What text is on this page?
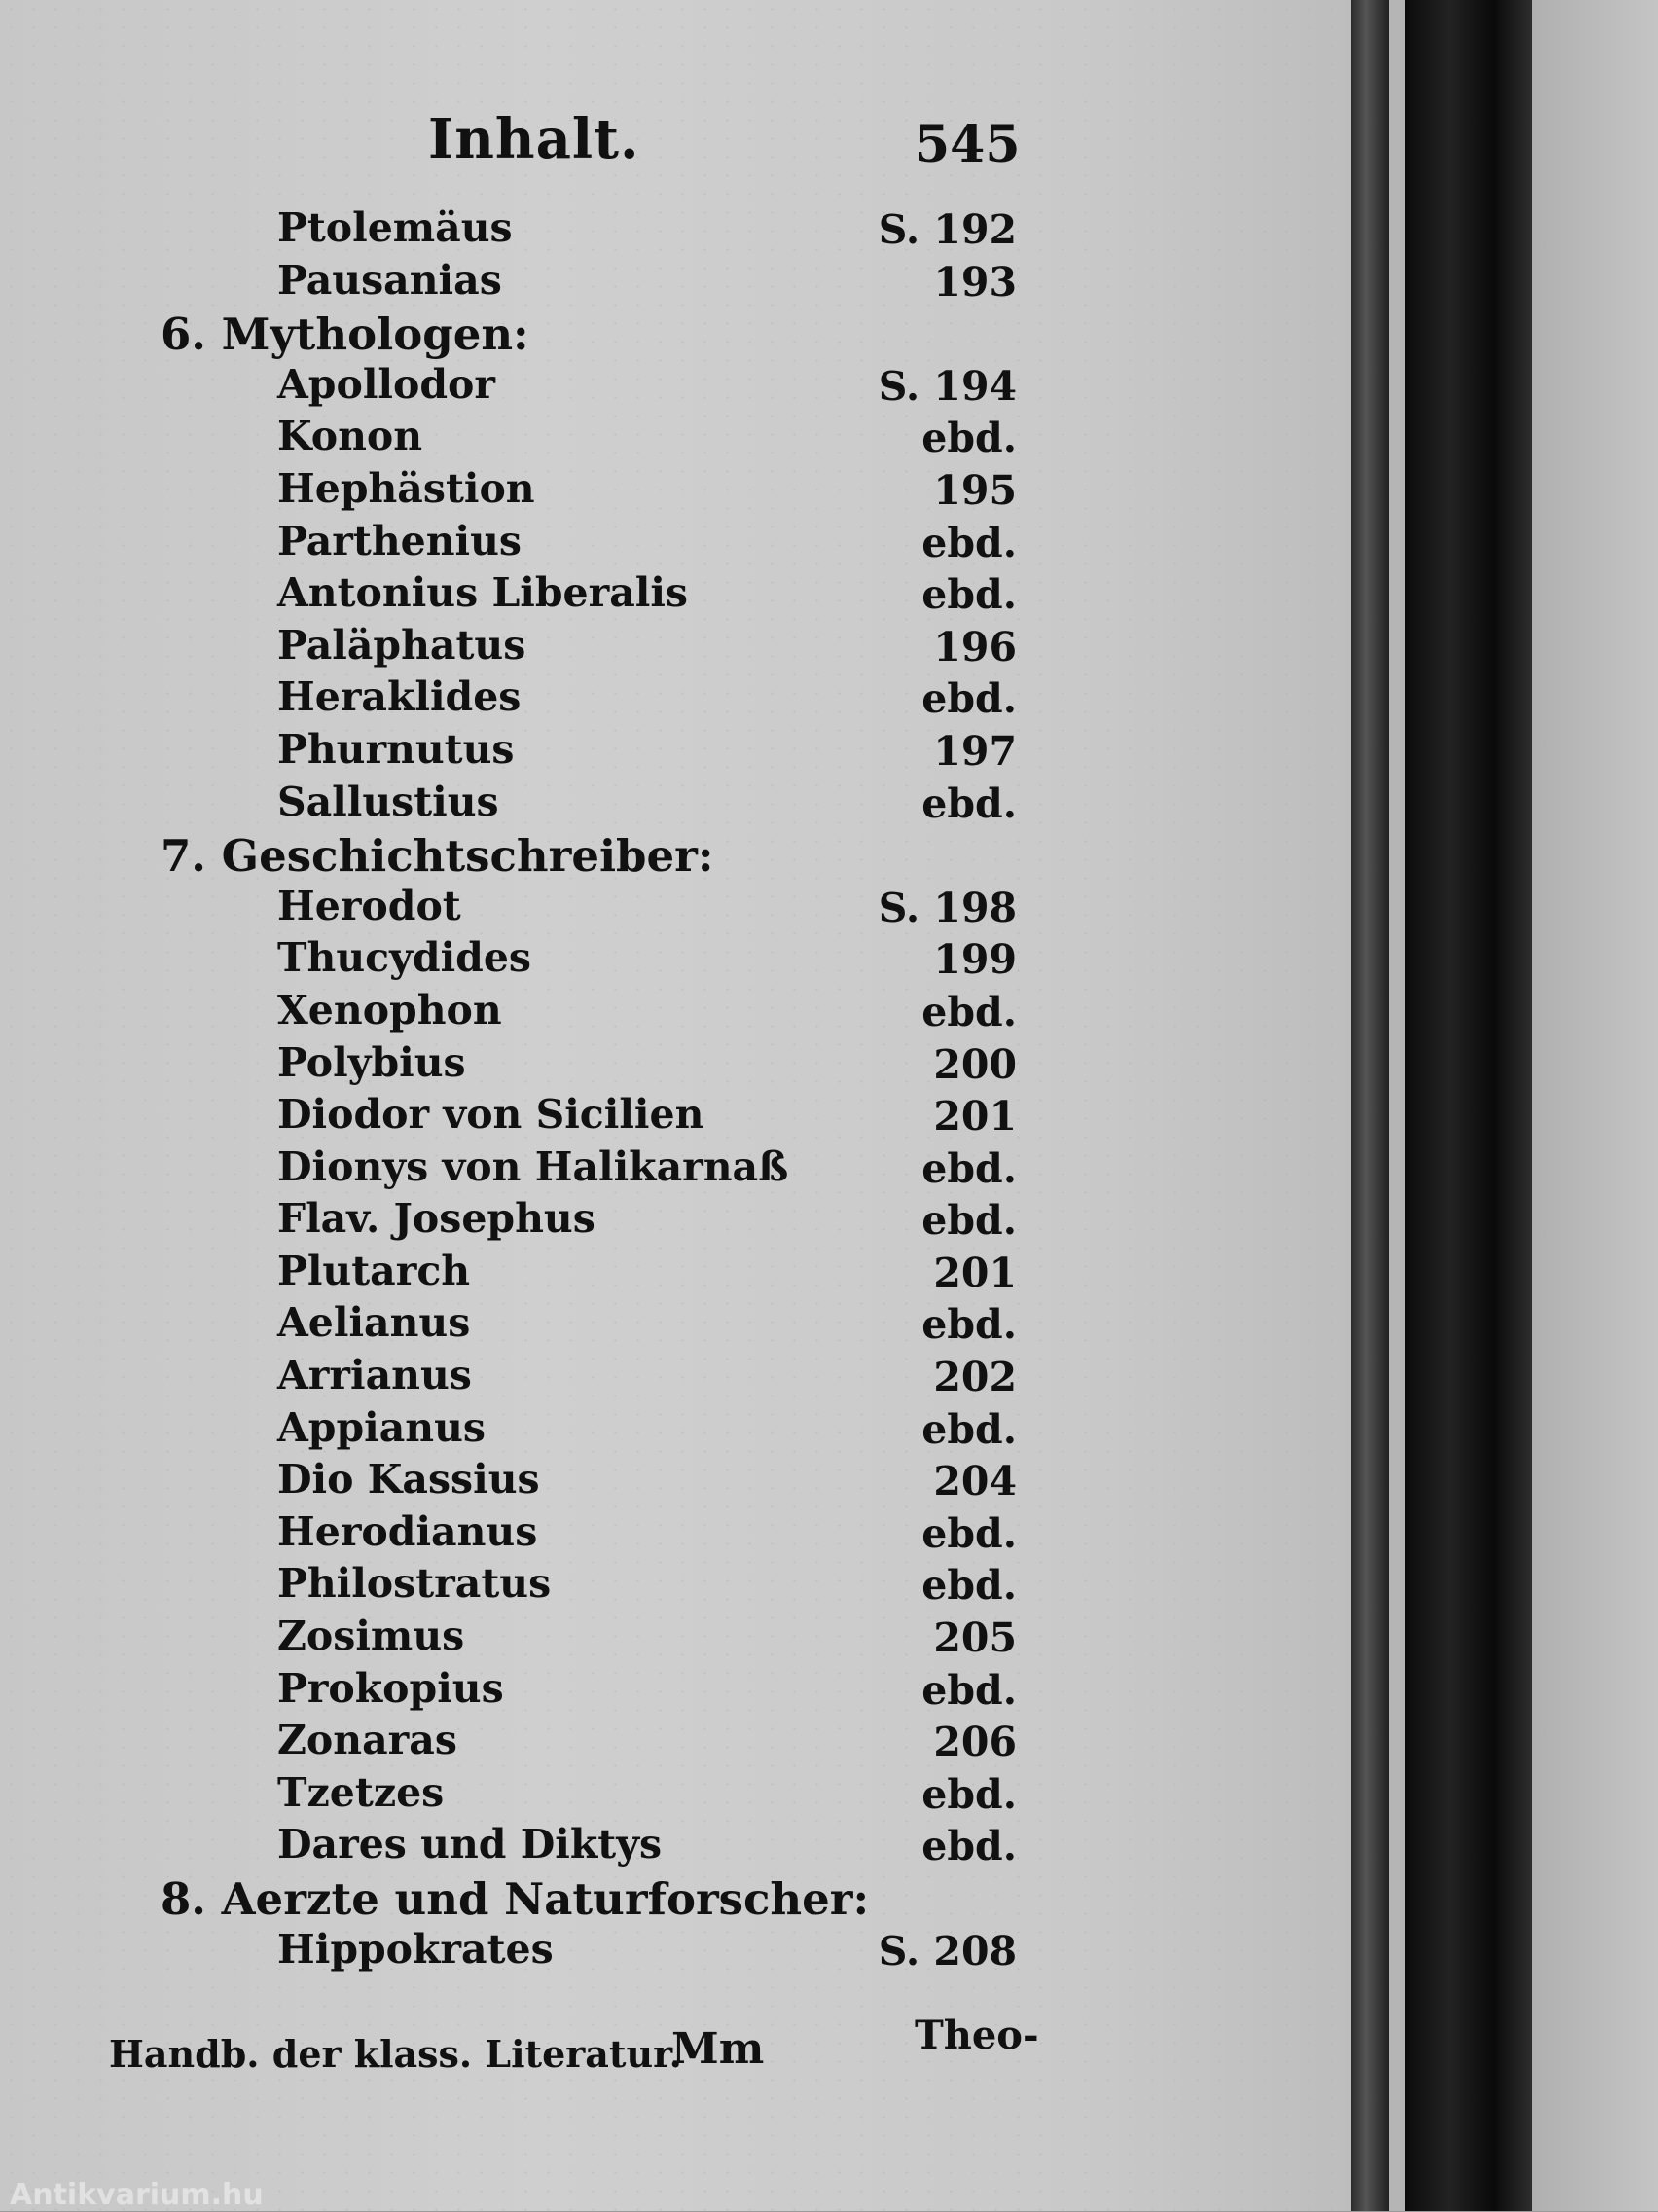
Inhalt.	545
Ptolemäus	S. 192
Pausanias	193
6. Mythologen:
Apollodor	S. 194
Konon	ebd.
Hephästion	195
Parthenius	ebd.
Antonius Liberalis	ebd.
Paläphatus	196
Heraklides	ebd.
Phurnutus	197
Sallustius	ebd.
7. Geschichtschreiber:
Herodot	S. 198
Thucydides	199
Xenophon	ebd.
Polybius	200
Diodor von Sicilien	201
Dionys von Halikarnaß	ebd.
Flav. Josephus	ebd.
Plutarch	201
Aelianus	ebd.
Arrianus	202
Appianus	ebd.
Dio Kassius	204
Herodianus	ebd.
Philostratus	ebd.
Zosimus	205
Prokopius	ebd.
Zonaras	206
Tzetzes	ebd.
Dares und Diktys	ebd.
8. Aerzte und Naturforscher:
Hippokrates	S. 208
Handb. der klass. Literatur.
Mm	Theo-
Antikvarium.hu
